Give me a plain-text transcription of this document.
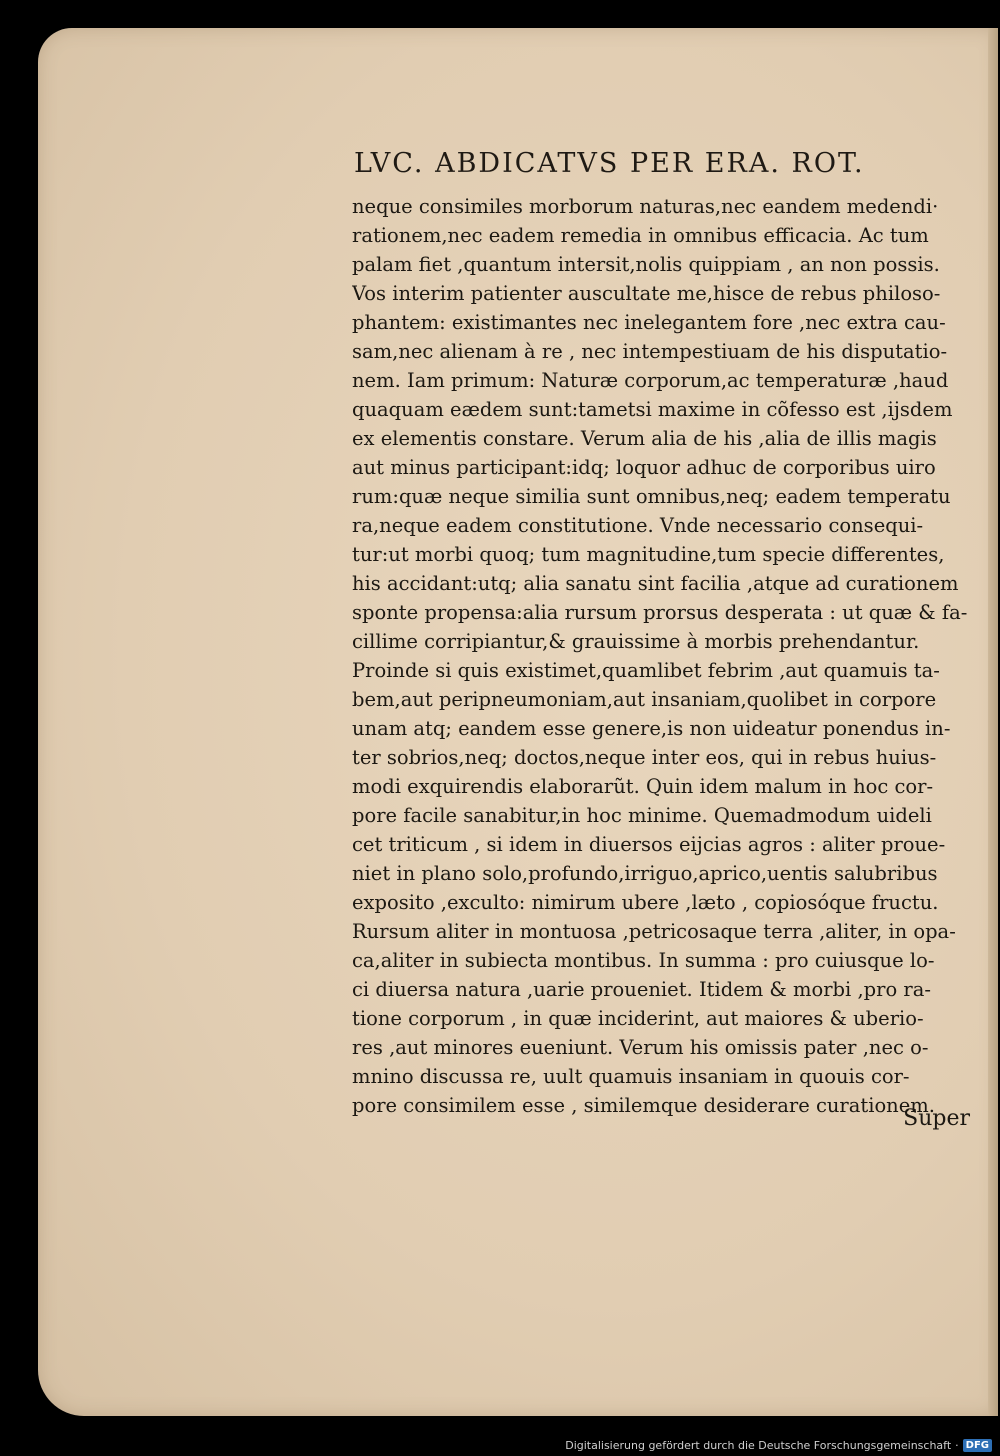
LVC. ABDICATVS PER ERA. ROT.
neque consimiles morborum naturas,nec eandem medendi·
rationem,nec eadem remedia in omnibus efficacia. Ac tum
palam fiet ,quantum intersit,nolis quippiam , an non possis.
Vos interim patienter auscultate me,hisce de rebus philoso-
phantem: existimantes nec inelegantem fore ,nec extra cau-
sam,nec alienam à re , nec intempestiuam de his disputatio-
nem. Iam primum: Naturæ corporum,ac temperaturæ ,haud
quaquam eædem sunt:tametsi maxime in cõfesso est ,ijsdem
ex elementis constare. Verum alia de his ,alia de illis magis
aut minus participant:idq; loquor adhuc de corporibus uiro
rum:quæ neque similia sunt omnibus,neq; eadem temperatu
ra,neque eadem constitutione. Vnde necessario consequi-
tur:ut morbi quoq; tum magnitudine,tum specie differentes,
his accidant:utq; alia sanatu sint facilia ,atque ad curationem
sponte propensa:alia rursum prorsus desperata : ut quæ & fa-
cillime corripiantur,& grauissime à morbis prehendantur.
Proinde si quis existimet,quamlibet febrim ,aut quamuis ta-
bem,aut peripneumoniam,aut insaniam,quolibet in corpore
unam atq; eandem esse genere,is non uideatur ponendus in-
ter sobrios,neq; doctos,neque inter eos, qui in rebus huius-
modi exquirendis elaborarũt. Quin idem malum in hoc cor-
pore facile sanabitur,in hoc minime. Quemadmodum uideli
cet triticum , si idem in diuersos eijcias agros : aliter proue-
niet in plano solo,profundo,irriguo,aprico,uentis salubribus
exposito ,exculto: nimirum ubere ,læto , copiosóque fructu.
Rursum aliter in montuosa ,petricosaque terra ,aliter, in opa-
ca,aliter in subiecta montibus. In summa : pro cuiusque lo-
ci diuersa natura ,uarie proueniet. Itidem & morbi ,pro ra-
tione corporum , in quæ inciderint, aut maiores & uberio-
res ,aut minores eueniunt. Verum his omissis pater ,nec o-
mnino discussa re, uult quamuis insaniam in quouis cor-
pore consimilem esse , similemque desiderare curationem.
Super
Digitalisierung gefördert durch die Deutsche Forschungsgemeinschaft · DFG
